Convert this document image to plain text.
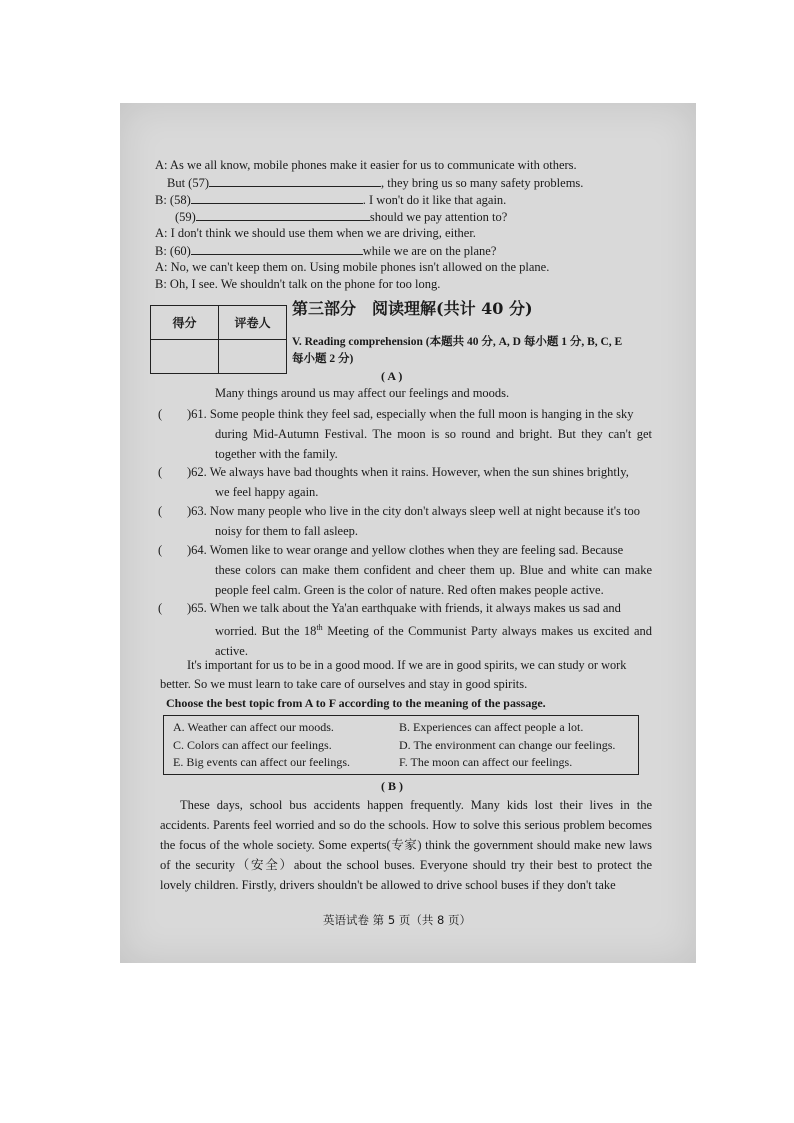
A: As we all know, mobile phones make it easier for us to communicate with others.
But (57)	, they bring us so many safety problems.
B: (58)	. I won't do it like that again.
(59)	should we pay attention to?
A: I don't think we should use them when we are driving, either.
B: (60)	while we are on the plane?
A: No, we can't keep them on. Using mobile phones isn't allowed on the plane.
B: Oh, I see. We shouldn't talk on the phone for too long.
得分	评卷人

第三部分　阅读理解(共计 40 分)
V. Reading comprehension (本题共 40 分, A, D 每小题 1 分, B, C, E
每小题 2 分)
( A )
Many things around us may affect our feelings and moods.
( )61. Some people think they feel sad, especially when the full moon is hanging in the sky
during Mid-Autumn Festival. The moon is so round and bright. But they can't get together with the family.
( )62. We always have bad thoughts when it rains. However, when the sun shines brightly,
we feel happy again.
( )63. Now many people who live in the city don't always sleep well at night because it's too
noisy for them to fall asleep.
( )64. Women like to wear orange and yellow clothes when they are feeling sad. Because
these colors can make them confident and cheer them up. Blue and white can make people feel calm. Green is the color of nature. Red often makes people active.
( )65. When we talk about the Ya'an earthquake with friends, it always makes us sad and
worried. But the 18th Meeting of the Communist Party always makes us excited and active.
It's important for us to be in a good mood. If we are in good spirits, we can study or work
better. So we must learn to take care of ourselves and stay in good spirits.
Choose the best topic from A to F according to the meaning of the passage.
A. Weather can affect our moods.	B. Experiences can affect people a lot.
C. Colors can affect our feelings.	D. The environment can change our feelings.
E. Big events can affect our feelings.	F. The moon can affect our feelings.
( B )
These days, school bus accidents happen frequently. Many kids lost their lives in the accidents. Parents feel worried and so do the schools. How to solve this serious problem becomes the focus of the whole society. Some experts(专家) think the government should make new laws of the security（安全）about the school buses. Everyone should try their best to protect the lovely children. Firstly, drivers shouldn't be allowed to drive school buses if they don't take
英语试卷 第 5 页（共 8 页）
